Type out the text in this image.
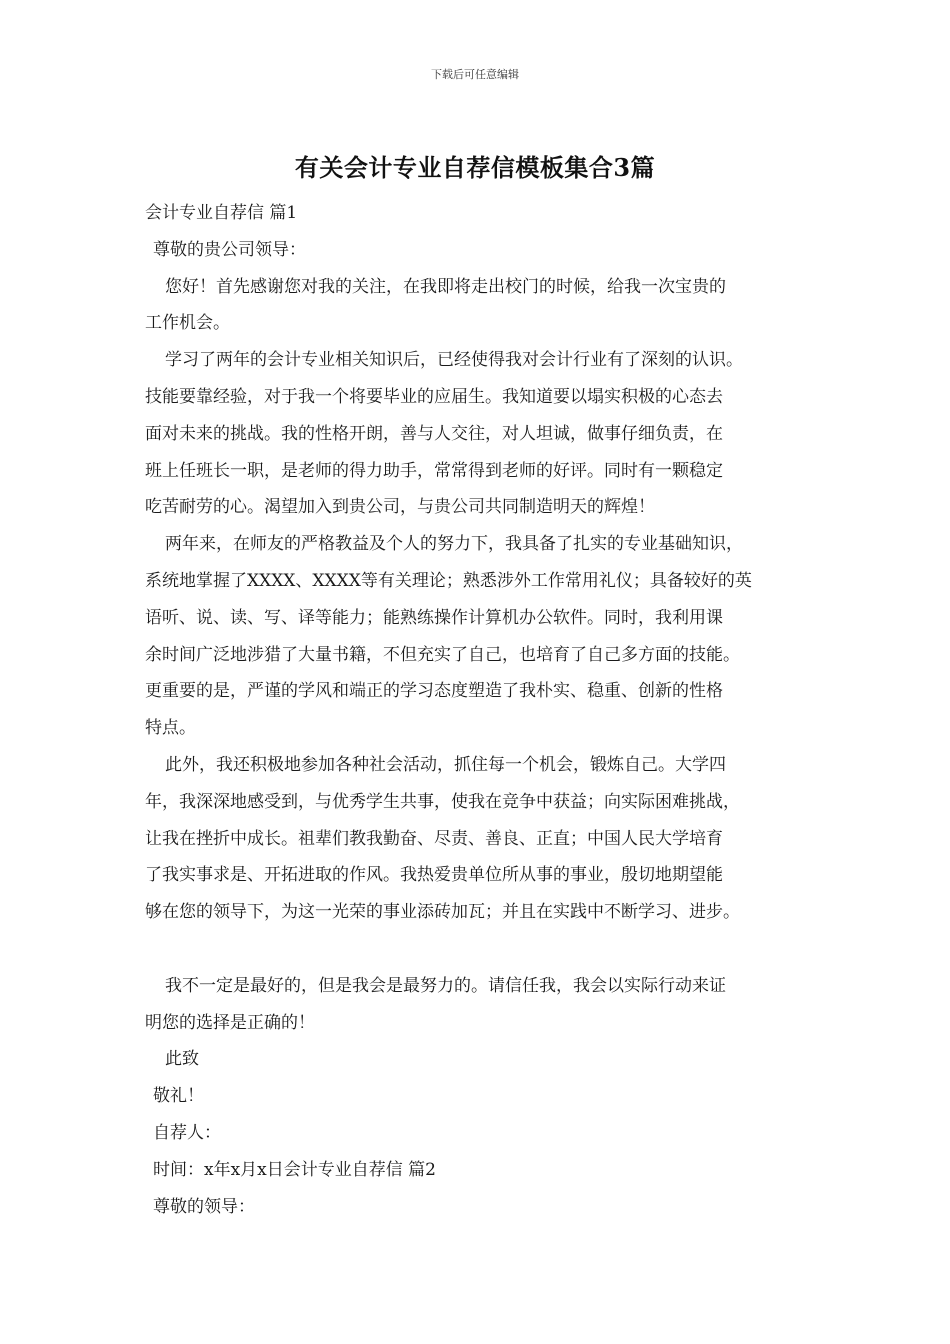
下载后可任意编辑
有关会计专业自荐信模板集合3篇
会计专业自荐信 篇1
尊敬的贵公司领导：
您好！首先感谢您对我的关注，在我即将走出校门的时候，给我一次宝贵的
工作机会。
学习了两年的会计专业相关知识后，已经使得我对会计行业有了深刻的认识。
技能要靠经验，对于我一个将要毕业的应届生。我知道要以塌实积极的心态去
面对未来的挑战。我的性格开朗，善与人交往，对人坦诚，做事仔细负责，在
班上任班长一职，是老师的得力助手，常常得到老师的好评。同时有一颗稳定
吃苦耐劳的心。渴望加入到贵公司，与贵公司共同制造明天的辉煌！
两年来，在师友的严格教益及个人的努力下，我具备了扎实的专业基础知识，
系统地掌握了XXXX、XXXX等有关理论；熟悉涉外工作常用礼仪；具备较好的英
语听、说、读、写、译等能力；能熟练操作计算机办公软件。同时，我利用课
余时间广泛地涉猎了大量书籍，不但充实了自己，也培育了自己多方面的技能。
更重要的是，严谨的学风和端正的学习态度塑造了我朴实、稳重、创新的性格
特点。
此外，我还积极地参加各种社会活动，抓住每一个机会，锻炼自己。大学四
年，我深深地感受到，与优秀学生共事，使我在竞争中获益；向实际困难挑战，
让我在挫折中成长。祖辈们教我勤奋、尽责、善良、正直；中国人民大学培育
了我实事求是、开拓进取的作风。我热爱贵单位所从事的事业，殷切地期望能
够在您的领导下，为这一光荣的事业添砖加瓦；并且在实践中不断学习、进步。
我不一定是最好的，但是我会是最努力的。请信任我，我会以实际行动来证
明您的选择是正确的！
此致
敬礼！
自荐人：
时间：x年x月x日会计专业自荐信 篇2
尊敬的领导：
